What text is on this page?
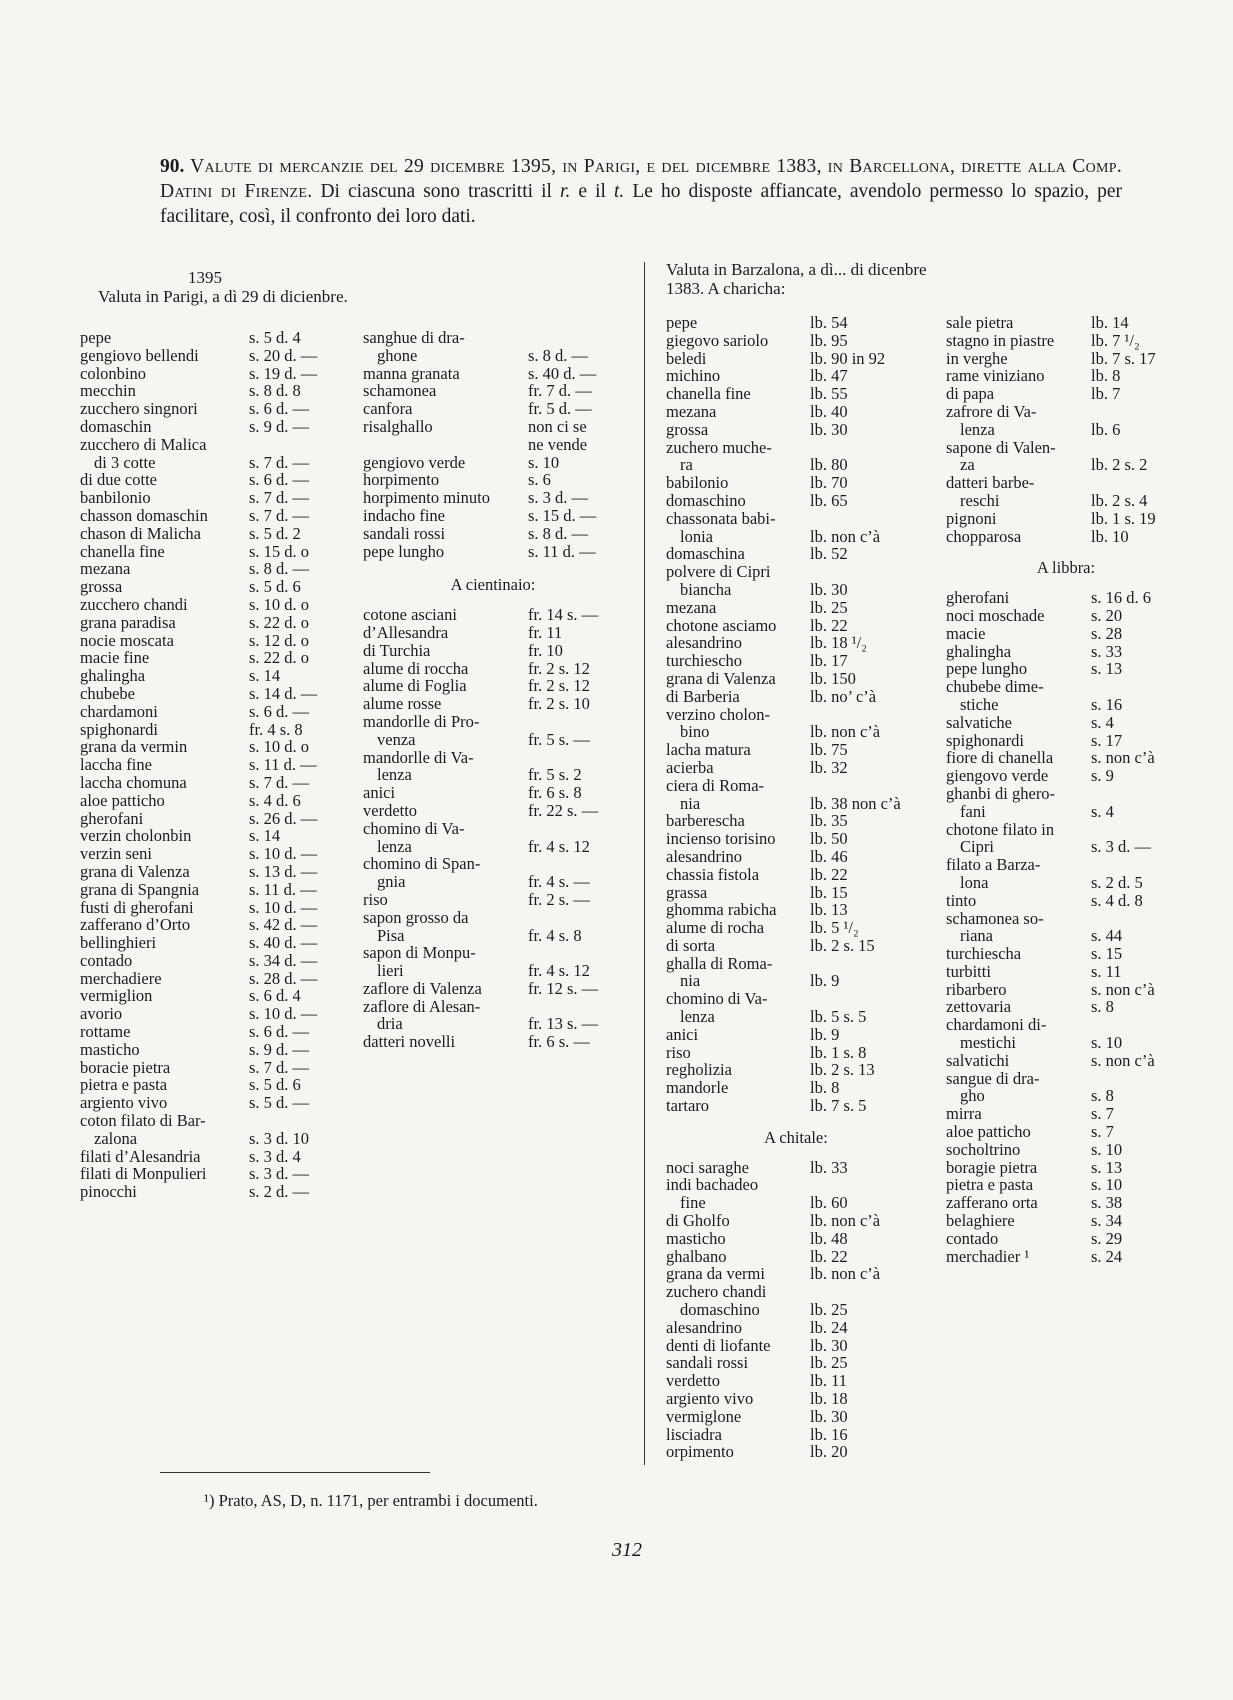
90. Valute di mercanzie del 29 dicembre 1395, in Parigi, e del dicembre 1383, in Barcellona, dirette alla Comp. Datini di Firenze. Di ciascuna sono trascritti il r. e il t. Le ho disposte affiancate, avendolo permesso lo spazio, per facilitare, così, il confronto dei loro dati.
1395
Valuta in Parigi, a dì 29 di dicienbre.
pepe	s. 5 d. 4
gengiovo bellendi	s. 20 d. —
colonbino	s. 19 d. —
mecchin	s. 8 d. 8
zucchero singnori	s. 6 d. —
domaschin	s. 9 d. —
zucchero di Malica
di 3 cotte	s. 7 d. —
di due cotte	s. 6 d. —
banbilonio	s. 7 d. —
chasson domaschin	s. 7 d. —
chason di Malicha	s. 5 d. 2
chanella fine	s. 15 d. o
mezana	s. 8 d. —
grossa	s. 5 d. 6
zucchero chandi	s. 10 d. o
grana paradisa	s. 22 d. o
nocie moscata	s. 12 d. o
macie fine	s. 22 d. o
ghalingha	s. 14
chubebe	s. 14 d. —
chardamoni	s. 6 d. —
spighonardi	fr. 4 s. 8
grana da vermin	s. 10 d. o
laccha fine	s. 11 d. —
laccha chomuna	s. 7 d. —
aloe patticho	s. 4 d. 6
gherofani	s. 26 d. —
verzin cholonbin	s. 14
verzin seni	s. 10 d. —
grana di Valenza	s. 13 d. —
grana di Spangnia	s. 11 d. —
fusti di gherofani	s. 10 d. —
zafferano d’Orto	s. 42 d. —
bellinghieri	s. 40 d. —
contado	s. 34 d. —
merchadiere	s. 28 d. —
vermiglion	s. 6 d. 4
avorio	s. 10 d. —
rottame	s. 6 d. —
masticho	s. 9 d. —
boracie pietra	s. 7 d. —
pietra e pasta	s. 5 d. 6
argiento vivo	s. 5 d. —
coton filato di Bar-
zalona	s. 3 d. 10
filati d’Alesandria	s. 3 d. 4
filati di Monpulieri	s. 3 d. —
pinocchi	s. 2 d. —
sanghue di dra-
ghone	s. 8 d. —
manna granata	s. 40 d. —
schamonea	fr. 7 d. —
canfora	fr. 5 d. —
risalghallo	non ci se
ne vende
gengiovo verde	s. 10
horpimento	s. 6
horpimento minuto	s. 3 d. —
indacho fine	s. 15 d. —
sandali rossi	s. 8 d. —
pepe lungho	s. 11 d. —
A cientinaio:
cotone asciani	fr. 14 s. —
d’Allesandra	fr. 11
di Turchia	fr. 10
alume di roccha	fr. 2 s. 12
alume di Foglia	fr. 2 s. 12
alume rosse	fr. 2 s. 10
mandorlle di Pro-
venza	fr. 5 s. —
mandorlle di Va-
lenza	fr. 5 s. 2
anici	fr. 6 s. 8
verdetto	fr. 22 s. —
chomino di Va-
lenza	fr. 4 s. 12
chomino di Span-
gnia	fr. 4 s. —
riso	fr. 2 s. —
sapon grosso da
Pisa	fr. 4 s. 8
sapon di Monpu-
lieri	fr. 4 s. 12
zaflore di Valenza	fr. 12 s. —
zaflore di Alesan-
dria	fr. 13 s. —
datteri novelli	fr. 6 s. —
Valuta in Barzalona, a dì... di dicenbre 1383. A charicha:
pepe	lb. 54
giegovo sariolo	lb. 95
beledi	lb. 90 in 92
michino	lb. 47
chanella fine	lb. 55
mezana	lb. 40
grossa	lb. 30
zuchero muche-
ra	lb. 80
babilonio	lb. 70
domaschino	lb. 65
chassonata babi-
lonia	lb. non c’à
domaschina	lb. 52
polvere di Cipri
biancha	lb. 30
mezana	lb. 25
chotone asciamo	lb. 22
alesandrino	lb. 18 ¹/₂
turchiescho	lb. 17
grana di Valenza	lb. 150
di Barberia	lb. no’ c’à
verzino cholon-
bino	lb. non c’à
lacha matura	lb. 75
acierba	lb. 32
ciera di Roma-
nia	lb. 38 non c’à
barberescha	lb. 35
incienso torisino	lb. 50
alesandrino	lb. 46
chassia fistola	lb. 22
grassa	lb. 15
ghomma rabicha	lb. 13
alume di rocha	lb. 5 ¹/₂
di sorta	lb. 2 s. 15
ghalla di Roma-
nia	lb. 9
chomino di Va-
lenza	lb. 5 s. 5
anici	lb. 9
riso	lb. 1 s. 8
regholizia	lb. 2 s. 13
mandorle	lb. 8
tartaro	lb. 7 s. 5
A chitale:
noci saraghe	lb. 33
indi bachadeo
fine	lb. 60
di Gholfo	lb. non c’à
masticho	lb. 48
ghalbano	lb. 22
grana da vermi	lb. non c’à
zuchero chandi
domaschino	lb. 25
alesandrino	lb. 24
denti di liofante	lb. 30
sandali rossi	lb. 25
verdetto	lb. 11
argiento vivo	lb. 18
vermiglone	lb. 30
lisciadra	lb. 16
orpimento	lb. 20
sale pietra	lb. 14
stagno in piastre	lb. 7 ¹/₂
in verghe	lb. 7 s. 17
rame viniziano	lb. 8
di papa	lb. 7
zafrore di Va-
lenza	lb. 6
sapone di Valen-
za	lb. 2 s. 2
datteri barbe-
reschi	lb. 2 s. 4
pignoni	lb. 1 s. 19
chopparosa	lb. 10
A libbra:
gherofani	s. 16 d. 6
noci moschade	s. 20
macie	s. 28
ghalingha	s. 33
pepe lungho	s. 13
chubebe dime-
stiche	s. 16
salvatiche	s. 4
spighonardi	s. 17
fiore di chanella	s. non c’à
giengovo verde	s. 9
ghanbi di ghero-
fani	s. 4
chotone filato in
Cipri	s. 3 d. —
filato a Barza-
lona	s. 2 d. 5
tinto	s. 4 d. 8
schamonea so-
riana	s. 44
turchiescha	s. 15
turbitti	s. 11
ribarbero	s. non c’à
zettovaria	s. 8
chardamoni di-
mestichi	s. 10
salvatichi	s. non c’à
sangue di dra-
gho	s. 8
mirra	s. 7
aloe patticho	s. 7
socholtrino	s. 10
boragie pietra	s. 13
pietra e pasta	s. 10
zafferano orta	s. 38
belaghiere	s. 34
contado	s. 29
merchadier ¹	s. 24
¹) Prato, AS, D, n. 1171, per entrambi i documenti.
312
